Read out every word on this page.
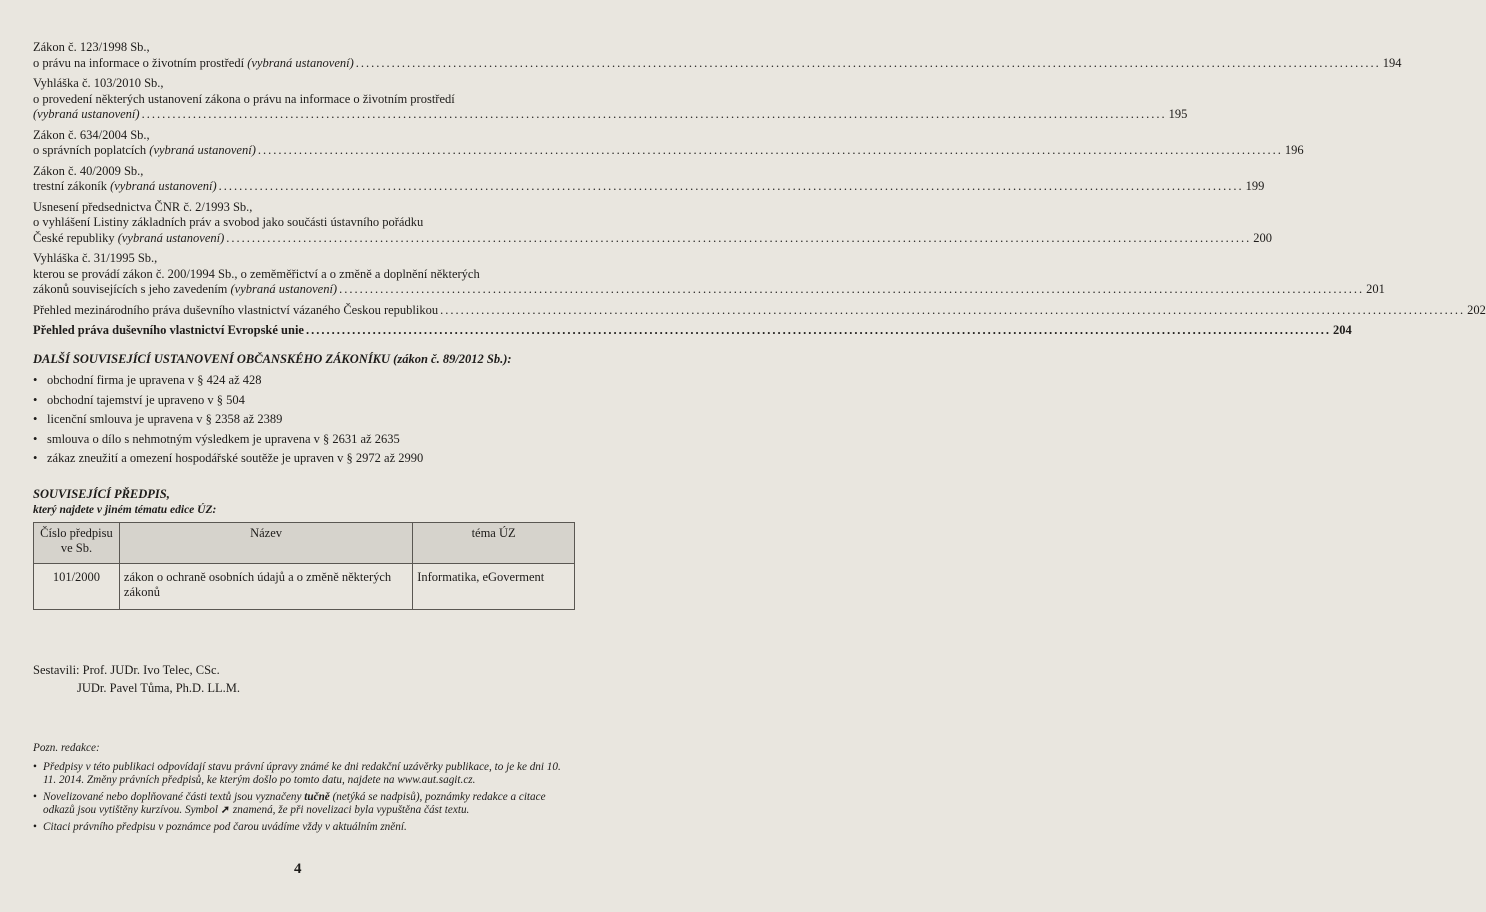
Zákon č. 123/1998 Sb.,
o právu na informace o životním prostředí (vybraná ustanovení) ........................................................................................................................................................................................................ 194
Vyhláška č. 103/2010 Sb.,
o provedení některých ustanovení zákona o právu na informace o životním prostředí
(vybraná ustanovení) ........................................................................................................................................................................................................ 195
Zákon č. 634/2004 Sb.,
o správních poplatcích (vybraná ustanovení) ........................................................................................................................................................................................................ 196
Zákon č. 40/2009 Sb.,
trestní zákoník (vybraná ustanovení) ........................................................................................................................................................................................................ 199
Usnesení předsednictva ČNR č. 2/1993 Sb.,
o vyhlášení Listiny základních práv a svobod jako součásti ústavního pořádku
České republiky (vybraná ustanovení) ........................................................................................................................................................................................................ 200
Vyhláška č. 31/1995 Sb.,
kterou se provádí zákon č. 200/1994 Sb., o zeměměřictví a o změně a doplnění některých
zákonů souvisejících s jeho zavedením (vybraná ustanovení) ........................................................................................................................................................................................................ 201
Přehled mezinárodního práva duševního vlastnictví vázaného Českou republikou ........................................................................................................................................................................................................ 202
Přehled práva duševního vlastnictví Evropské unie ........................................................................................................................................................................................................ 204
DALŠÍ SOUVISEJÍCÍ USTANOVENÍ OBČANSKÉHO ZÁKONÍKU (zákon č. 89/2012 Sb.):
• obchodní firma je upravena v § 424 až 428
• obchodní tajemství je upraveno v § 504
• licenční smlouva je upravena v § 2358 až 2389
• smlouva o dílo s nehmotným výsledkem je upravena v § 2631 až 2635
• zákaz zneužití a omezení hospodářské soutěže je upraven v § 2972 až 2990
SOUVISEJÍCÍ PŘEDPIS,
který najdete v jiném tématu edice ÚZ:
Číslo předpisu ve Sb.	Název	téma ÚZ
101/2000	zákon o ochraně osobních údajů a o změně některých zákonů	Informatika, eGoverment
Sestavili: Prof. JUDr. Ivo Telec, CSc.
JUDr. Pavel Tůma, Ph.D. LL.M.
Pozn. redakce:
• Předpisy v této publikaci odpovídají stavu právní úpravy známé ke dni redakční uzávěrky publikace, to je ke dni 10. 11. 2014. Změny právních předpisů, ke kterým došlo po tomto datu, najdete na www.aut.sagit.cz.
• Novelizované nebo doplňované části textů jsou vyznačeny tučně (netýká se nadpisů), poznámky redakce a citace odkazů jsou vytištěny kurzívou. Symbol ➚ znamená, že při novelizaci byla vypuštěna část textu.
• Citaci právního předpisu v poznámce pod čarou uvádíme vždy v aktuálním znění.
4
